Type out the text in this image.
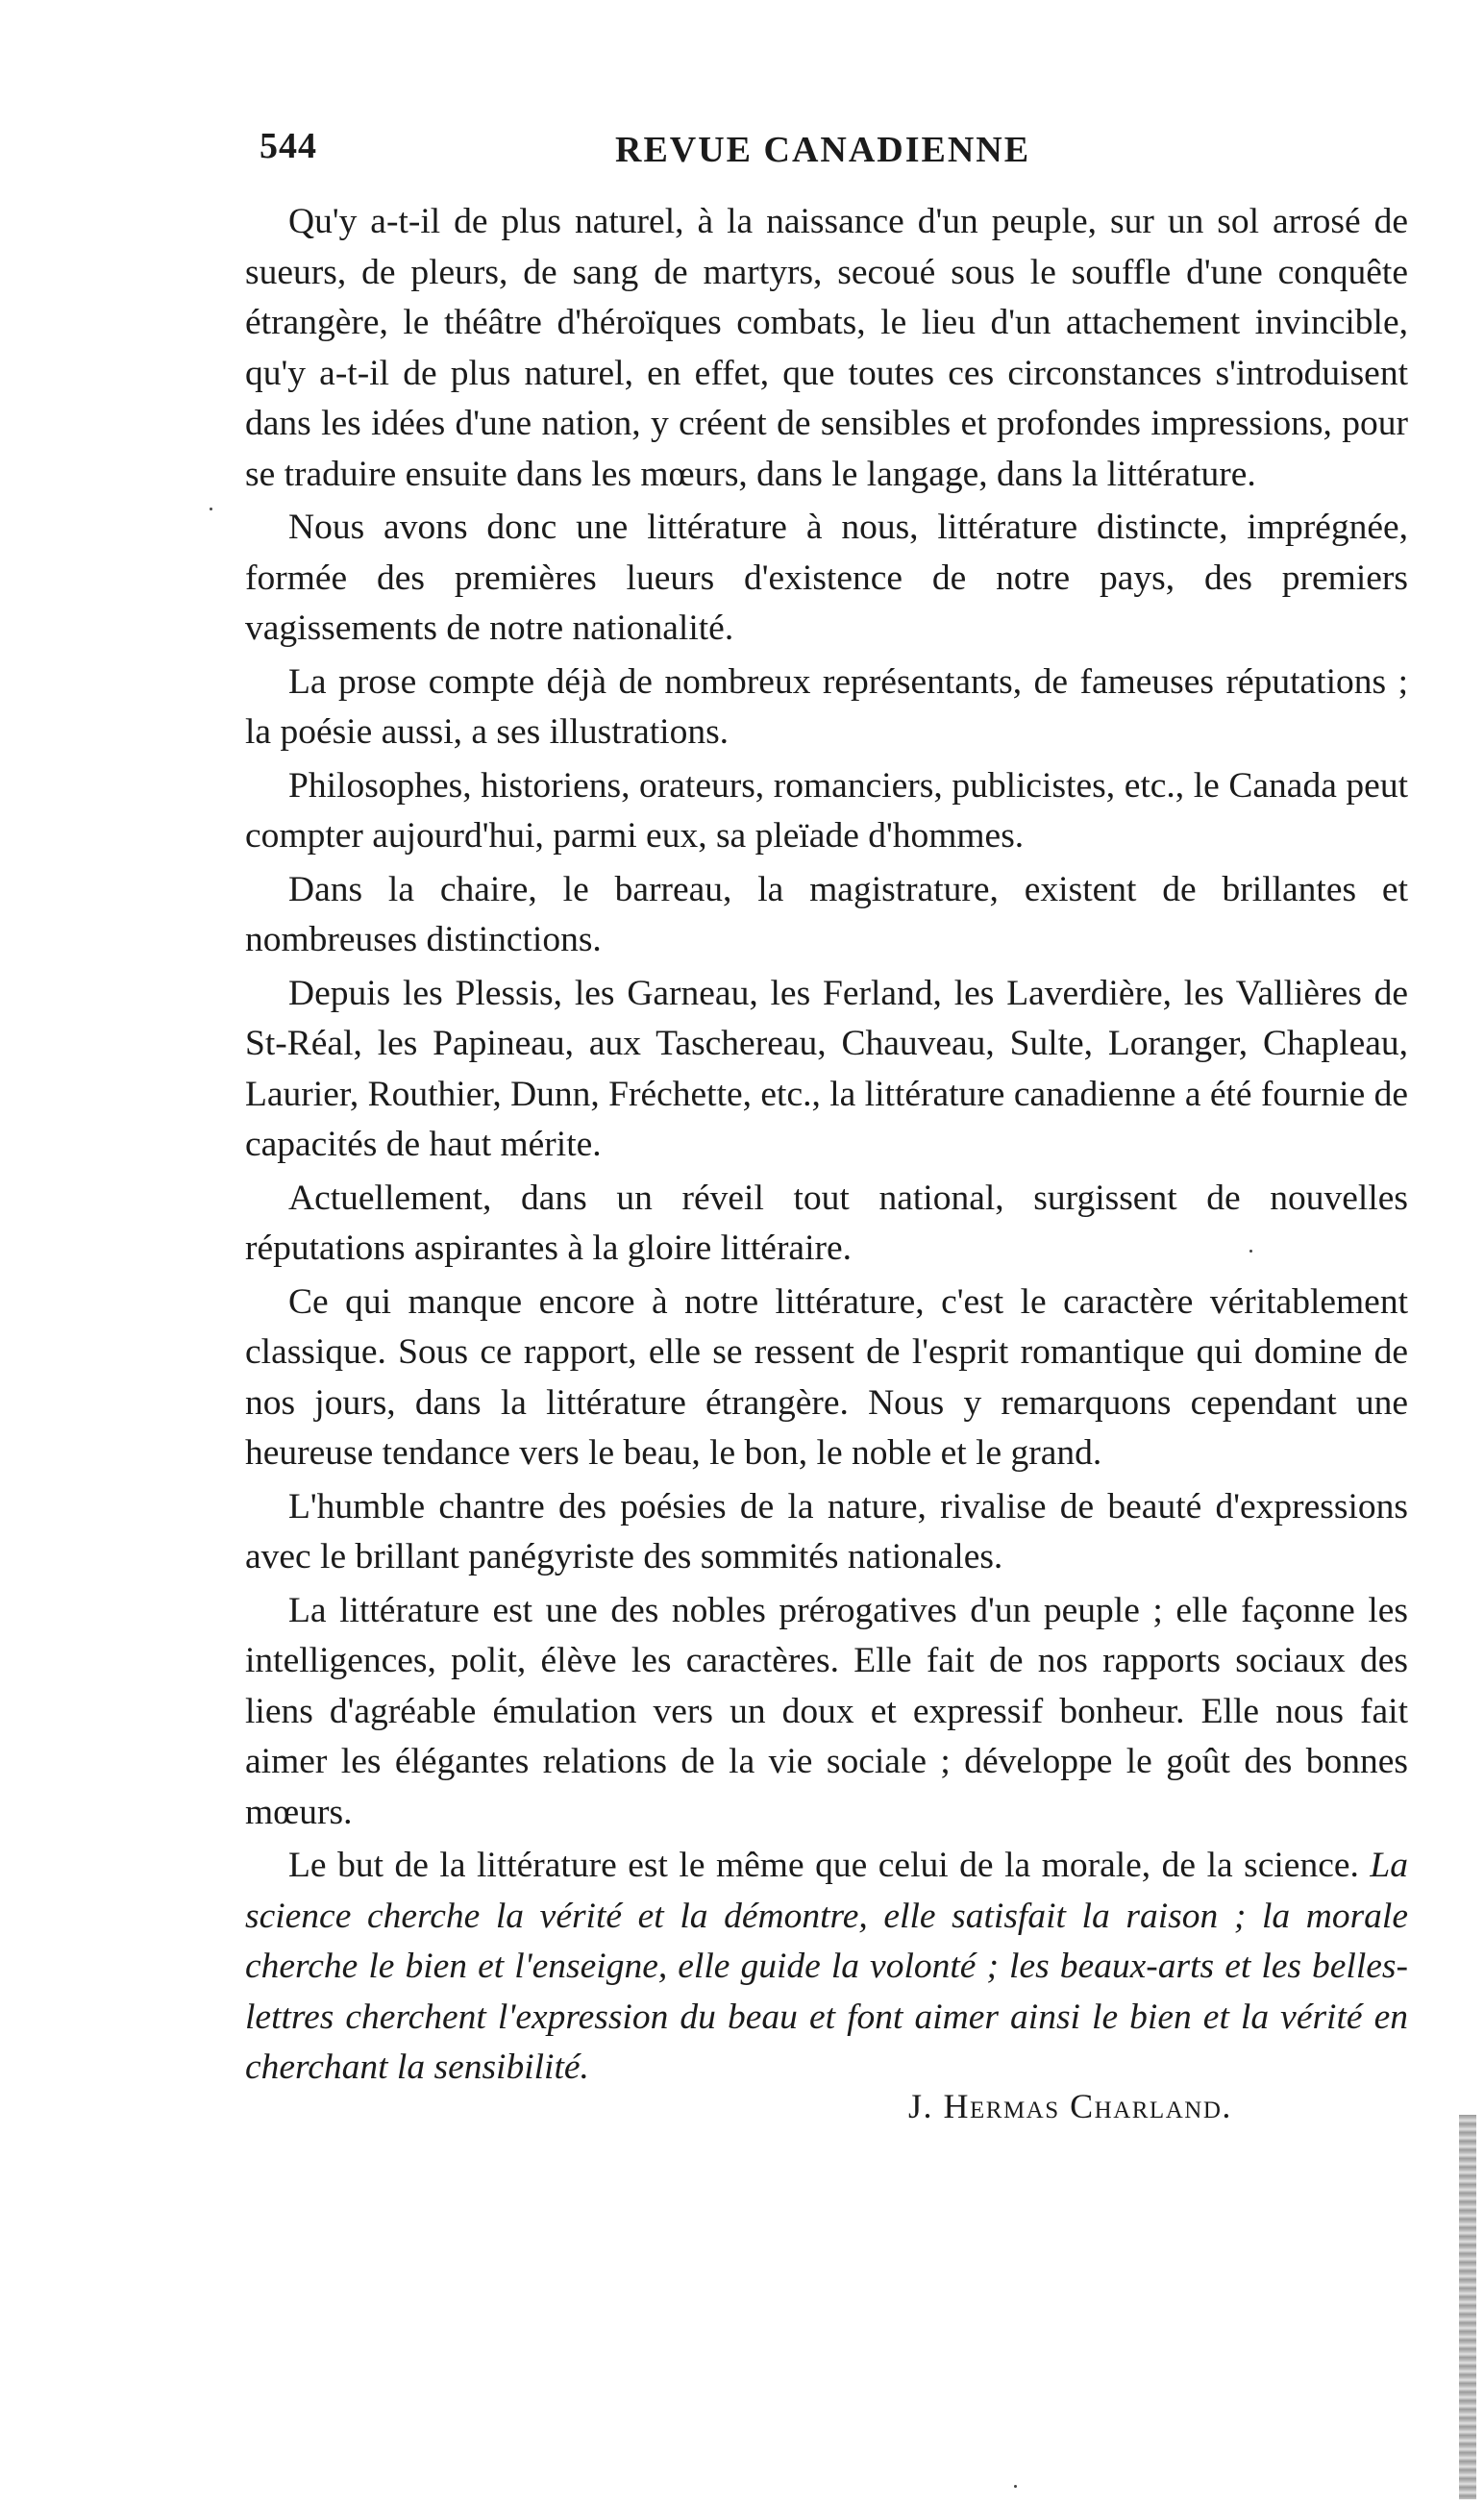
544	REVUE CANADIENNE

Qu'y a-t-il de plus naturel, à la naissance d'un peuple, sur un sol arrosé de sueurs, de pleurs, de sang de martyrs, secoué sous le souffle d'une conquête étrangère, le théâtre d'héroïques combats, le lieu d'un attachement invincible, qu'y a-t-il de plus naturel, en effet, que toutes ces circonstances s'introduisent dans les idées d'une nation, y créent de sensibles et profondes impressions, pour se traduire ensuite dans les mœurs, dans le langage, dans la littérature.

Nous avons donc une littérature à nous, littérature distincte, imprégnée, formée des premières lueurs d'existence de notre pays, des premiers vagissements de notre nationalité.

La prose compte déjà de nombreux représentants, de fameuses réputations ; la poésie aussi, a ses illustrations.

Philosophes, historiens, orateurs, romanciers, publicistes, etc., le Canada peut compter aujourd'hui, parmi eux, sa pleïade d'hommes.

Dans la chaire, le barreau, la magistrature, existent de brillantes et nombreuses distinctions.

Depuis les Plessis, les Garneau, les Ferland, les Laverdière, les Vallières de St-Réal, les Papineau, aux Taschereau, Chauveau, Sulte, Loranger, Chapleau, Laurier, Routhier, Dunn, Fréchette, etc., la littérature canadienne a été fournie de capacités de haut mérite.

Actuellement, dans un réveil tout national, surgissent de nouvelles réputations aspirantes à la gloire littéraire.

Ce qui manque encore à notre littérature, c'est le caractère véritablement classique. Sous ce rapport, elle se ressent de l'esprit romantique qui domine de nos jours, dans la littérature étrangère. Nous y remarquons cependant une heureuse tendance vers le beau, le bon, le noble et le grand.

L'humble chantre des poésies de la nature, rivalise de beauté d'expressions avec le brillant panégyriste des sommités nationales.

La littérature est une des nobles prérogatives d'un peuple ; elle façonne les intelligences, polit, élève les caractères. Elle fait de nos rapports sociaux des liens d'agréable émulation vers un doux et expressif bonheur. Elle nous fait aimer les élégantes relations de la vie sociale ; développe le goût des bonnes mœurs.

Le but de la littérature est le même que celui de la morale, de la science. La science cherche la vérité et la démontre, elle satisfait la raison ; la morale cherche le bien et l'enseigne, elle guide la volonté ; les beaux-arts et les belles-lettres cherchent l'expression du beau et font aimer ainsi le bien et la vérité en cherchant la sensibilité.

J. Hermas Charland.
